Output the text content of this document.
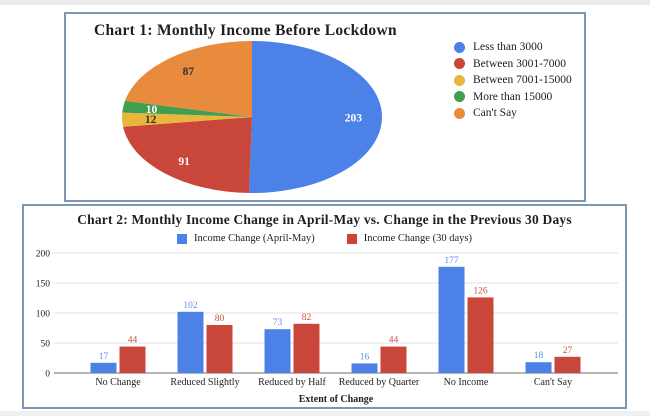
Chart 1: Monthly Income Before Lockdown
203
91
12
10
87
Less than 3000
Between 3001-7000
Between 7001-15000
More than 15000
Can't Say
Chart 2: Monthly Income Change in April-May vs. Change in the Previous 30 Days
Income Change (April-May)	Income Change (30 days)
0
50
100
150
200
17
44
No Change
102
80
Reduced Slightly
73
82
Reduced by Half
16
44
Reduced by Quarter
177
126
No Income
18
27
Can't Say
Extent of Change
